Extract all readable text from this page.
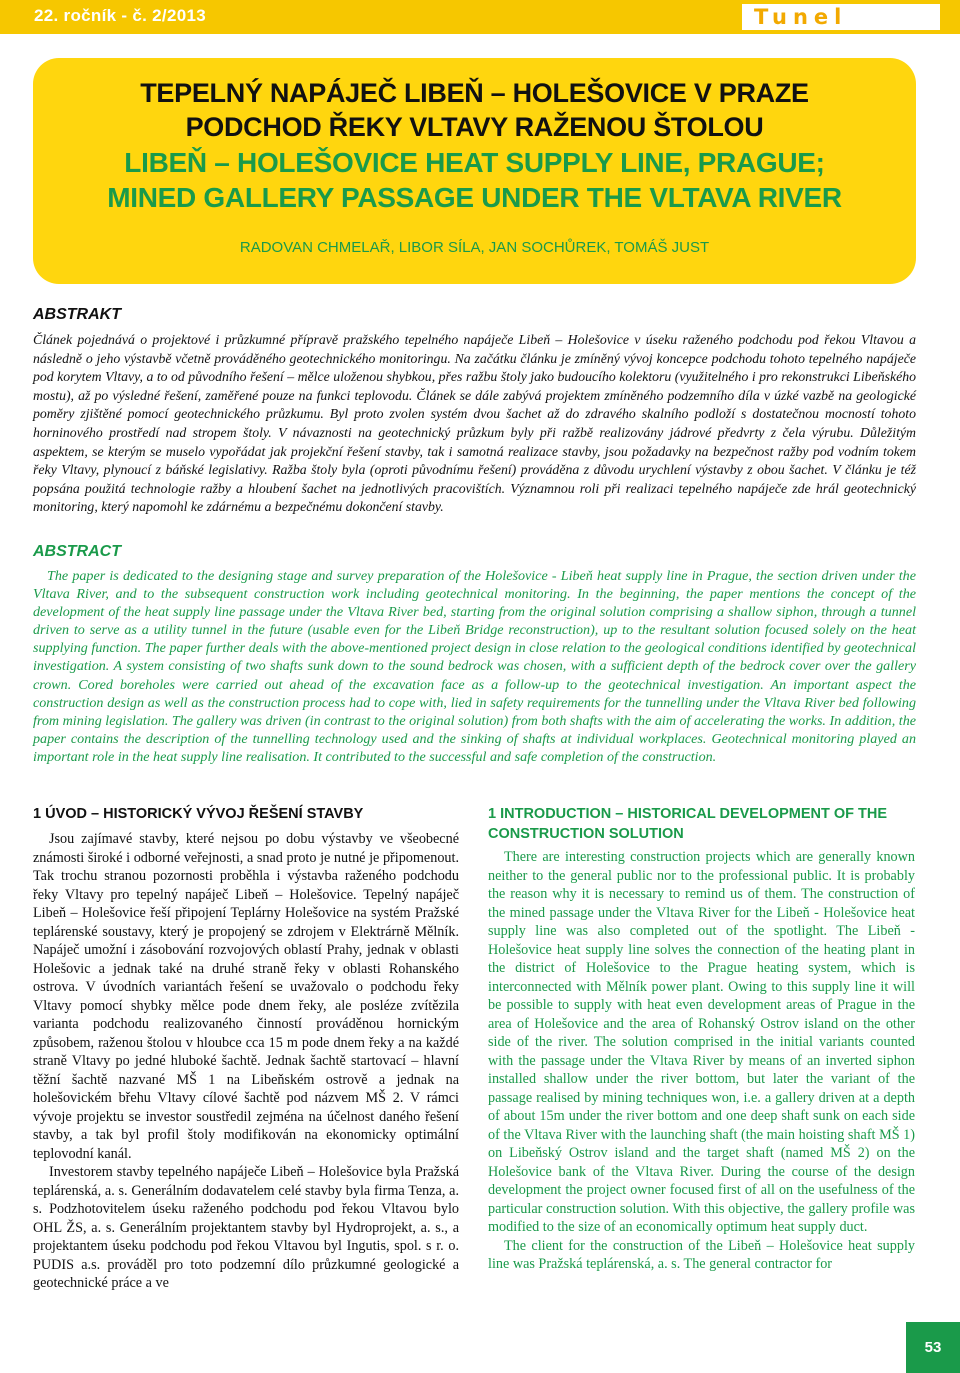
22. ročník - č. 2/2013	Tunel
TEPELNÝ NAPÁJEČ LIBEŇ – HOLEŠOVICE V PRAZE
PODCHOD ŘEKY VLTAVY RAŽENOU ŠTOLOU
LIBEŇ – HOLEŠOVICE HEAT SUPPLY LINE, PRAGUE;
MINED GALLERY PASSAGE UNDER THE VLTAVA RIVER
RADOVAN CHMELAŘ, LIBOR SÍLA, JAN SOCHŮREK, TOMÁŠ JUST
ABSTRAKT
Článek pojednává o projektové i průzkumné přípravě pražského tepelného napáječe Libeň – Holešovice v úseku raženého podchodu pod řekou Vltavou a následně o jeho výstavbě včetně prováděného geotechnického monitoringu. Na začátku článku je zmíněný vývoj koncepce podchodu tohoto tepelného napáječe pod korytem Vltavy, a to od původního řešení – mělce uloženou shybkou, přes ražbu štoly jako budoucího kolektoru (využitelného i pro rekonstrukci Libeňského mostu), až po výsledné řešení, zaměřené pouze na funkci teplovodu. Článek se dále zabývá projektem zmíněného podzemního díla v úzké vazbě na geologické poměry zjištěné pomocí geotechnického průzkumu. Byl proto zvolen systém dvou šachet až do zdravého skalního podloží s dostatečnou mocností tohoto horninového prostředí nad stropem štoly. V návaznosti na geotechnický průzkum byly při ražbě realizovány jádrové předvrty z čela výrubu. Důležitým aspektem, se kterým se muselo vypořádat jak projekční řešení stavby, tak i samotná realizace stavby, jsou požadavky na bezpečnost ražby pod vodním tokem řeky Vltavy, plynoucí z báňské legislativy. Ražba štoly byla (oproti původnímu řešení) prováděna z důvodu urychlení výstavby z obou šachet. V článku je též popsána použitá technologie ražby a hloubení šachet na jednotlivých pracovištích. Významnou roli při realizaci tepelného napáječe zde hrál geotechnický monitoring, který napomohl ke zdárnému a bezpečnému dokončení stavby.
ABSTRACT
The paper is dedicated to the designing stage and survey preparation of the Holešovice - Libeň heat supply line in Prague, the section driven under the Vltava River, and to the subsequent construction work including geotechnical monitoring. In the beginning, the paper mentions the concept of the development of the heat supply line passage under the Vltava River bed, starting from the original solution comprising a shallow siphon, through a tunnel driven to serve as a utility tunnel in the future (usable even for the Libeň Bridge reconstruction), up to the resultant solution focused solely on the heat supplying function. The paper further deals with the above-mentioned project design in close relation to the geological conditions identified by geotechnical investigation. A system consisting of two shafts sunk down to the sound bedrock was chosen, with a sufficient depth of the bedrock cover over the gallery crown. Cored boreholes were carried out ahead of the excavation face as a follow-up to the geotechnical investigation. An important aspect the construction design as well as the construction process had to cope with, lied in safety requirements for the tunnelling under the Vltava River bed following from mining legislation. The gallery was driven (in contrast to the original solution) from both shafts with the aim of accelerating the works. In addition, the paper contains the description of the tunnelling technology used and the sinking of shafts at individual workplaces. Geotechnical monitoring played an important role in the heat supply line realisation. It contributed to the successful and safe completion of the construction.
1 ÚVOD – HISTORICKÝ VÝVOJ ŘEŠENÍ STAVBY

Jsou zajímavé stavby, které nejsou po dobu výstavby ve všeobecné známosti široké i odborné veřejnosti, a snad proto je nutné je připomenout. Tak trochu stranou pozornosti proběhla i výstavba raženého podchodu řeky Vltavy pro tepelný napáječ Libeň – Holešovice. Tepelný napáječ Libeň – Holešovice řeší připojení Teplárny Holešovice na systém Pražské teplárenské soustavy, který je propojený se zdrojem v Elektrárně Mělník. Napáječ umožní i zásobování rozvojových oblastí Prahy, jednak v oblasti Holešovic a jednak také na druhé straně řeky v oblasti Rohanského ostrova. V úvodních variantách řešení se uvažovalo o podchodu řeky Vltavy pomocí shybky mělce pode dnem řeky, ale posléze zvítězila varianta podchodu realizovaného činností prováděnou hornickým způsobem, raženou štolou v hloubce cca 15 m pode dnem řeky a na každé straně Vltavy po jedné hluboké šachtě. Jednak šachtě startovací – hlavní těžní šachtě nazvané MŠ 1 na Libeňském ostrově a jednak na holešovickém břehu Vltavy cílové šachtě pod názvem MŠ 2. V rámci vývoje projektu se investor soustředil zejména na účelnost daného řešení stavby, a tak byl profil štoly modifikován na ekonomicky optimální teplovodní kanál.

Investorem stavby tepelného napáječe Libeň – Holešovice byla Pražská teplárenská, a. s. Generálním dodavatelem celé stavby byla firma Tenza, a. s. Podzhotovitelem úseku raženého podchodu pod řekou Vltavou bylo OHL ŽS, a. s. Generálním projektantem stavby byl Hydroprojekt, a. s., a projektantem úseku podchodu pod řekou Vltavou byl Ingutis, spol. s r. o. PUDIS a.s. prováděl pro toto podzemní dílo průzkumné geologické a geotechnické práce a ve

1 INTRODUCTION – HISTORICAL DEVELOPMENT OF THE CONSTRUCTION SOLUTION

There are interesting construction projects which are generally known neither to the general public nor to the professional public. It is probably the reason why it is necessary to remind us of them. The construction of the mined passage under the Vltava River for the Libeň - Holešovice heat supply line was also completed out of the spotlight. The Libeň - Holešovice heat supply line solves the connection of the heating plant in the district of Holešovice to the Prague heating system, which is interconnected with Mělník power plant. Owing to this supply line it will be possible to supply with heat even development areas of Prague in the area of Holešovice and the area of Rohanský Ostrov island on the other side of the river. The solution comprised in the initial variants counted with the passage under the Vltava River by means of an inverted siphon installed shallow under the river bottom, but later the variant of the passage realised by mining techniques won, i.e. a gallery driven at a depth of about 15m under the river bottom and one deep shaft sunk on each side of the Vltava River with the launching shaft (the main hoisting shaft MŠ 1) on Libeňský Ostrov island and the target shaft (named MŠ 2) on the Holešovice bank of the Vltava River. During the course of the design development the project owner focused first of all on the usefulness of the particular construction solution. With this objective, the gallery profile was modified to the size of an economically optimum heat supply duct.

The client for the construction of the Libeň – Holešovice heat supply line was Pražská teplárenská, a. s. The general contractor for

53
